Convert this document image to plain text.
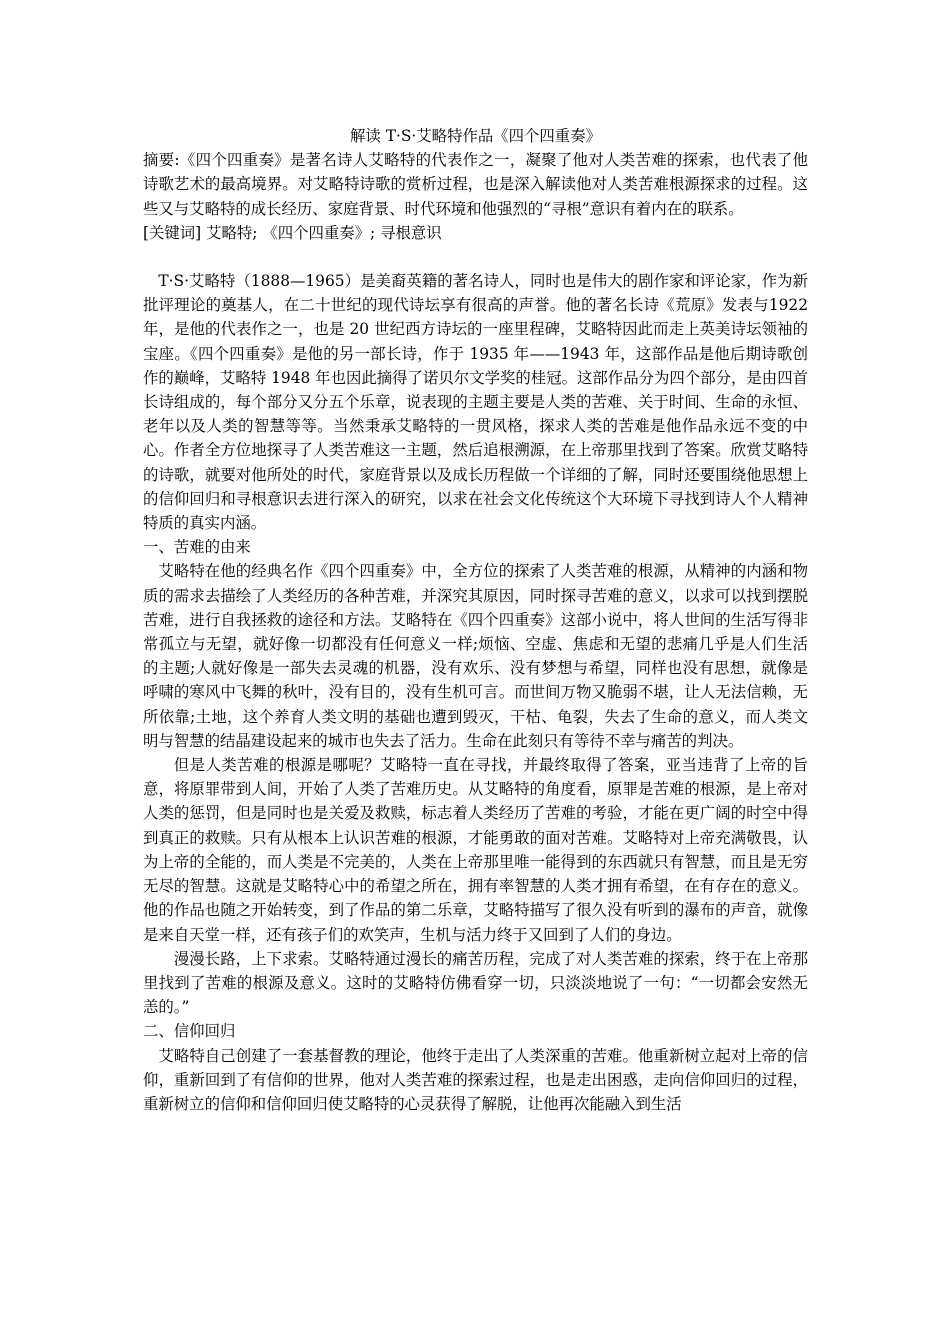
解读 T·S·艾略特作品《四个四重奏》

摘要:《四个四重奏》是著名诗人艾略特的代表作之一，凝聚了他对人类苦难的探索，也代表了他诗歌艺术的最高境界。对艾略特诗歌的赏析过程，也是深入解读他对人类苦难根源探求的过程。这些又与艾略特的成长经历、家庭背景、时代环境和他强烈的“寻根”意识有着内在的联系。

[关键词] 艾略特; 《四个四重奏》; 寻根意识

T·S·艾略特（1888—1965）是美裔英籍的著名诗人，同时也是伟大的剧作家和评论家，作为新批评理论的奠基人，在二十世纪的现代诗坛享有很高的声誉。他的著名长诗《荒原》发表与1922 年，是他的代表作之一，也是 20 世纪西方诗坛的一座里程碑，艾略特因此而走上英美诗坛领袖的宝座。《四个四重奏》是他的另一部长诗，作于 1935 年——1943 年，这部作品是他后期诗歌创作的巅峰，艾略特 1948 年也因此摘得了诺贝尔文学奖的桂冠。这部作品分为四个部分，是由四首长诗组成的，每个部分又分五个乐章，说表现的主题主要是人类的苦难、关于时间、生命的永恒、老年以及人类的智慧等等。当然秉承艾略特的一贯风格，探求人类的苦难是他作品永远不变的中心。作者全方位地探寻了人类苦难这一主题，然后追根溯源，在上帝那里找到了答案。欣赏艾略特的诗歌，就要对他所处的时代，家庭背景以及成长历程做一个详细的了解，同时还要围绕他思想上的信仰回归和寻根意识去进行深入的研究，以求在社会文化传统这个大环境下寻找到诗人个人精神特质的真实内涵。

一、苦难的由来

艾略特在他的经典名作《四个四重奏》中，全方位的探索了人类苦难的根源，从精神的内涵和物质的需求去描绘了人类经历的各种苦难，并深究其原因，同时探寻苦难的意义，以求可以找到摆脱苦难，进行自我拯救的途径和方法。艾略特在《四个四重奏》这部小说中，将人世间的生活写得非常孤立与无望，就好像一切都没有任何意义一样;烦恼、空虚、焦虑和无望的悲痛几乎是人们生活的主题;人就好像是一部失去灵魂的机器，没有欢乐、没有梦想与希望，同样也没有思想，就像是呼啸的寒风中飞舞的秋叶，没有目的，没有生机可言。而世间万物又脆弱不堪，让人无法信赖，无所依靠;土地，这个养育人类文明的基础也遭到毁灭，干枯、龟裂，失去了生命的意义，而人类文明与智慧的结晶建设起来的城市也失去了活力。生命在此刻只有等待不幸与痛苦的判决。

但是人类苦难的根源是哪呢？艾略特一直在寻找，并最终取得了答案，亚当违背了上帝的旨意，将原罪带到人间，开始了人类了苦难历史。从艾略特的角度看，原罪是苦难的根源，是上帝对人类的惩罚，但是同时也是关爱及救赎，标志着人类经历了苦难的考验，才能在更广阔的时空中得到真正的救赎。只有从根本上认识苦难的根源，才能勇敢的面对苦难。艾略特对上帝充满敬畏，认为上帝的全能的，而人类是不完美的，人类在上帝那里唯一能得到的东西就只有智慧，而且是无穷无尽的智慧。这就是艾略特心中的希望之所在，拥有率智慧的人类才拥有希望，在有存在的意义。他的作品也随之开始转变，到了作品的第二乐章，艾略特描写了很久没有听到的瀑布的声音，就像是来自天堂一样，还有孩子们的欢笑声，生机与活力终于又回到了人们的身边。

漫漫长路，上下求索。艾略特通过漫长的痛苦历程，完成了对人类苦难的探索，终于在上帝那里找到了苦难的根源及意义。这时的艾略特仿佛看穿一切，只淡淡地说了一句：“一切都会安然无恙的。”

二、信仰回归

艾略特自己创建了一套基督教的理论，他终于走出了人类深重的苦难。他重新树立起对上帝的信仰，重新回到了有信仰的世界，他对人类苦难的探索过程，也是走出困惑，走向信仰回归的过程，重新树立的信仰和信仰回归使艾略特的心灵获得了解脱，让他再次能融入到生活
